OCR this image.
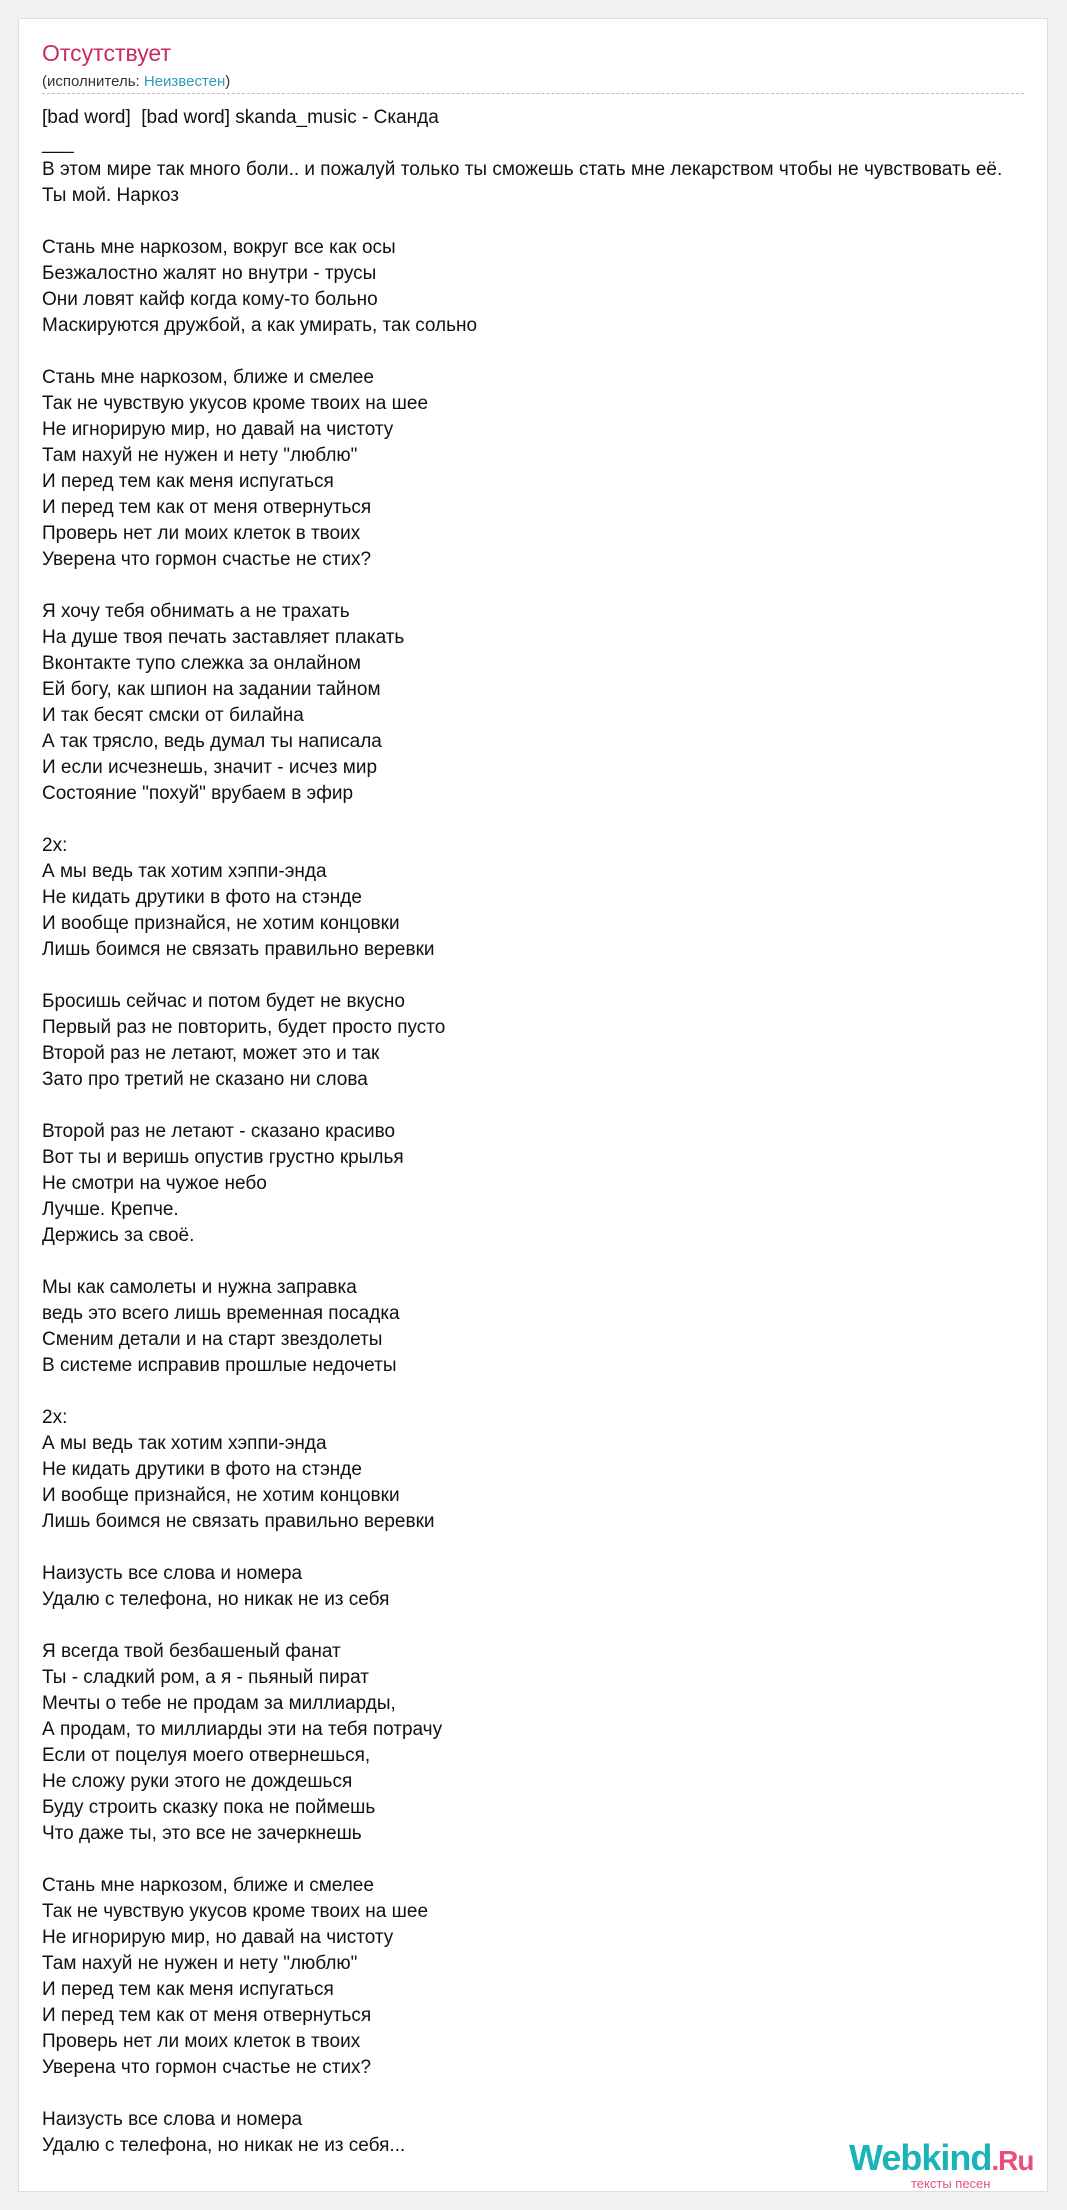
Отсутствует
(исполнитель: Неизвестен)
[bad word]  [bad word] skanda_music - Сканда
___
В этом мире так много боли.. и пожалуй только ты сможешь стать мне лекарством чтобы не чувствовать её.
Ты мой. Наркоз
Стань мне наркозом, вокруг все как осы
Безжалостно жалят но внутри - трусы
Они ловят кайф когда кому-то больно
Маскируются дружбой, а как умирать, так сольно
Стань мне наркозом, ближе и смелее
Так не чувствую укусов кроме твоих на шее
Не игнорирую мир, но давай на чистоту
Там нахуй не нужен и нету "люблю"
И перед тем как меня испугаться
И перед тем как от меня отвернуться
Проверь нет ли моих клеток в твоих
Уверена что гормон счастье не стих?
Я хочу тебя обнимать а не трахать
На душе твоя печать заставляет плакать
Вконтакте тупо слежка за онлайном
Ей богу, как шпион на задании тайном
И так бесят смски от билайна
А так трясло, ведь думал ты написала
И если исчезнешь, значит - исчез мир
Состояние "похуй" врубаем в эфир
2х:
А мы ведь так хотим хэппи-энда
Не кидать друтики в фото на стэнде
И вообще признайся, не хотим концовки
Лишь боимся не связать правильно веревки
Бросишь сейчас и потом будет не вкусно
Первый раз не повторить, будет просто пусто
Второй раз не летают, может это и так
Зато про третий не сказано ни слова
Второй раз не летают - сказано красиво
Вот ты и веришь опустив грустно крылья
Не смотри на чужое небо
Лучше. Крепче.
Держись за своё.
Мы как самолеты и нужна заправка
ведь это всего лишь временная посадка
Сменим детали и на старт звездолеты
В системе исправив прошлые недочеты
2х:
А мы ведь так хотим хэппи-энда
Не кидать друтики в фото на стэнде
И вообще признайся, не хотим концовки
Лишь боимся не связать правильно веревки
Наизусть все слова и номера
Удалю с телефона, но никак не из себя
Я всегда твой безбашеный фанат
Ты - сладкий ром, а я - пьяный пират
Мечты о тебе не продам за миллиарды,
А продам, то миллиарды эти на тебя потрачу
Если от поцелуя моего отвернешься,
Не сложу руки этого не дождешься
Буду строить сказку пока не поймешь
Что даже ты, это все не зачеркнешь
Стань мне наркозом, ближе и смелее
Так не чувствую укусов кроме твоих на шее
Не игнорирую мир, но давай на чистоту
Там нахуй не нужен и нету "люблю"
И перед тем как меня испугаться
И перед тем как от меня отвернуться
Проверь нет ли моих клеток в твоих
Уверена что гормон счастье не стих?
Наизусть все слова и номера
Удалю с телефона, но никак не из себя...	Webkind.Ru
тексты песен
